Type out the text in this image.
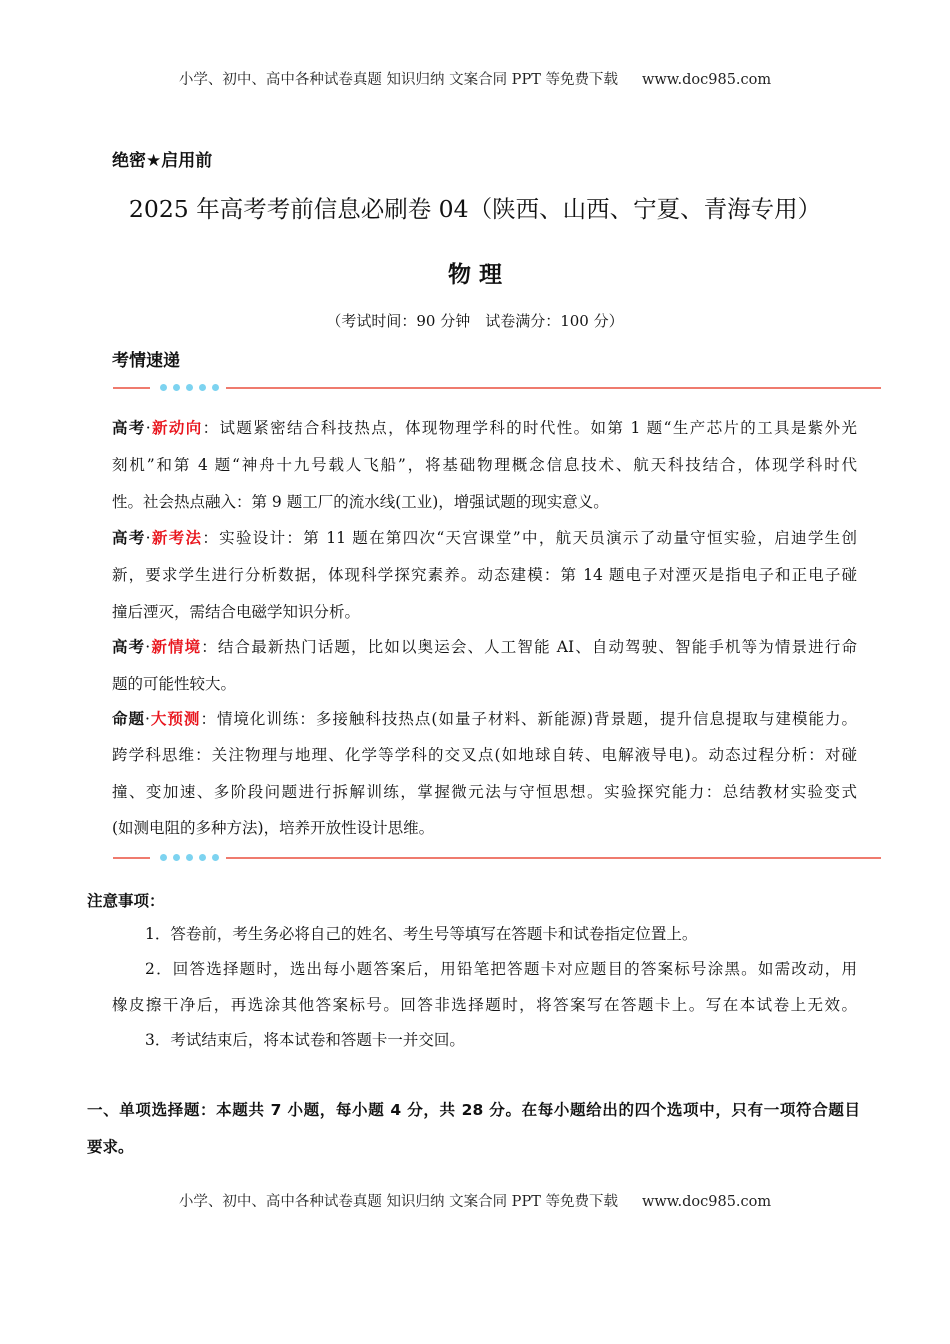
小学、初中、高中各种试卷真题 知识归纳 文案合同 PPT 等免费下载 www.doc985.com
绝密★启用前
2025 年高考考前信息必刷卷 04（陕西、山西、宁夏、青海专用）
物 理
（考试时间：90 分钟　试卷满分：100 分）
考情速递
高考·新动向：试题紧密结合科技热点，体现物理学科的时代性。如第 1 题“生产芯片的工具是紫外光
刻机”和第 4 题“神舟十九号载人飞船”，将基础物理概念信息技术、航天科技结合，体现学科时代
性。社会热点融入：第 9 题工厂的流水线(工业)，增强试题的现实意义。
高考·新考法：实验设计：第 11 题在第四次“天宫课堂”中，航天员演示了动量守恒实验，启迪学生创
新，要求学生进行分析数据，体现科学探究素养。动态建模：第 14 题电子对湮灭是指电子和正电子碰
撞后湮灭，需结合电磁学知识分析。
高考·新情境：结合最新热门话题，比如以奥运会、人工智能 AI、自动驾驶、智能手机等为情景进行命
题的可能性较大。
命题·大预测：情境化训练：多接触科技热点(如量子材料、新能源)背景题，提升信息提取与建模能力。
跨学科思维：关注物理与地理、化学等学科的交叉点(如地球自转、电解液导电)。动态过程分析：对碰
撞、变加速、多阶段问题进行拆解训练，掌握微元法与守恒思想。实验探究能力：总结教材实验变式
(如测电阻的多种方法)，培养开放性设计思维。
注意事项：
1．答卷前，考生务必将自己的姓名、考生号等填写在答题卡和试卷指定位置上。
2．回答选择题时，选出每小题答案后，用铅笔把答题卡对应题目的答案标号涂黑。如需改动，用
橡皮擦干净后，再选涂其他答案标号。回答非选择题时，将答案写在答题卡上。写在本试卷上无效。
3．考试结束后，将本试卷和答题卡一并交回。
一、单项选择题：本题共 7 小题，每小题 4 分，共 28 分。在每小题给出的四个选项中，只有一项符合题目
要求。
小学、初中、高中各种试卷真题 知识归纳 文案合同 PPT 等免费下载 www.doc985.com
